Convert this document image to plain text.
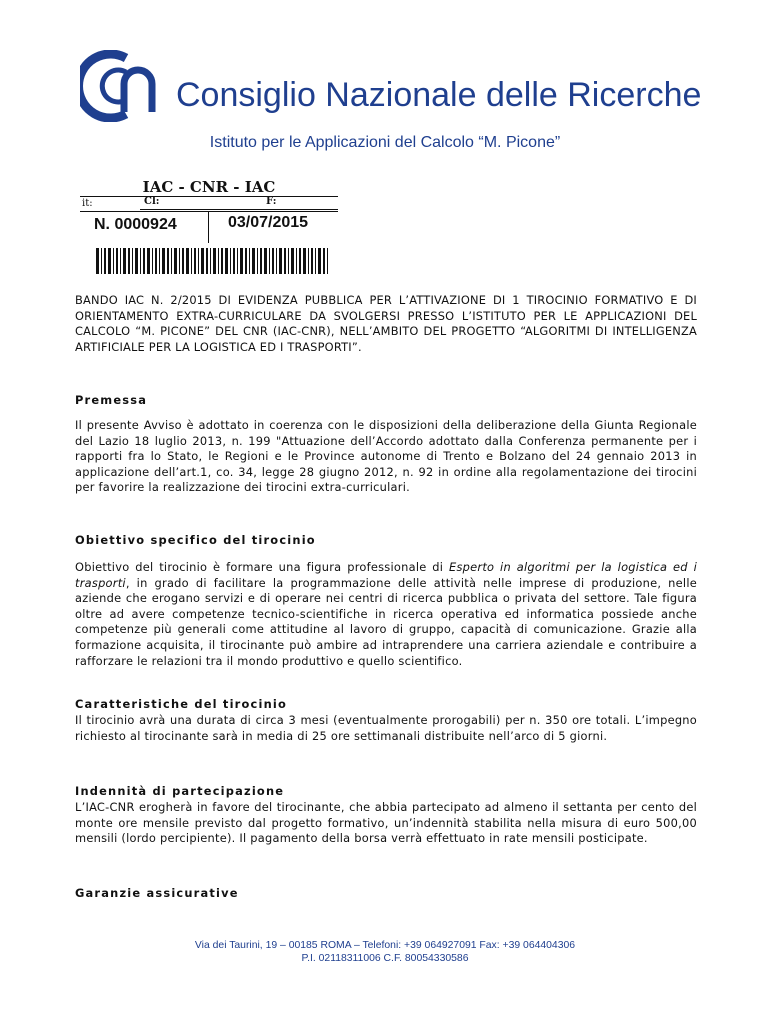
Consiglio Nazionale delle Ricerche
Istituto per le Applicazioni del Calcolo “M. Picone”
IAC - CNR - IAC
it:	Cl:	F:
N. 0000924	03/07/2015
BANDO IAC N. 2/2015 DI EVIDENZA PUBBLICA PER L’ATTIVAZIONE DI 1 TIROCINIO FORMATIVO E DI ORIENTAMENTO EXTRA-CURRICULARE DA SVOLGERSI PRESSO L’ISTITUTO PER LE APPLICAZIONI DEL CALCOLO “M. PICONE” DEL CNR (IAC-CNR), NELL’AMBITO DEL PROGETTO “ALGORITMI DI INTELLIGENZA ARTIFICIALE PER LA LOGISTICA ED I TRASPORTI”.
Premessa
Il presente Avviso è adottato in coerenza con le disposizioni della deliberazione della Giunta Regionale del Lazio 18 luglio 2013, n. 199 "Attuazione dell’Accordo adottato dalla Conferenza permanente per i rapporti fra lo Stato, le Regioni e le Province autonome di Trento e Bolzano del 24 gennaio 2013 in applicazione dell’art.1, co. 34, legge 28 giugno 2012, n. 92 in ordine alla regolamentazione dei tirocini per favorire la realizzazione dei tirocini extra-curriculari.
Obiettivo specifico del tirocinio
Obiettivo del tirocinio è formare una figura professionale di Esperto in algoritmi per la logistica ed i trasporti, in grado di facilitare la programmazione delle attività nelle imprese di produzione, nelle aziende che erogano servizi e di operare nei centri di ricerca pubblica o privata del settore. Tale figura oltre ad avere competenze tecnico-scientifiche in ricerca operativa ed informatica possiede anche competenze più generali come attitudine al lavoro di gruppo, capacità di comunicazione. Grazie alla formazione acquisita, il tirocinante può ambire ad intraprendere una carriera aziendale e contribuire a rafforzare le relazioni tra il mondo produttivo e quello scientifico.
Caratteristiche del tirocinio
Il tirocinio avrà una durata di circa 3 mesi (eventualmente prorogabili) per n. 350 ore totali. L’impegno richiesto al tirocinante sarà in media di 25 ore settimanali distribuite nell’arco di 5 giorni.
Indennità di partecipazione
L’IAC-CNR erogherà in favore del tirocinante, che abbia partecipato ad almeno il settanta per cento del monte ore mensile previsto dal progetto formativo, un’indennità stabilita nella misura di euro 500,00 mensili (lordo percipiente). Il pagamento della borsa verrà effettuato in rate mensili posticipate.
Garanzie assicurative
Via dei Taurini, 19 – 00185 ROMA – Telefoni: +39 064927091 Fax: +39 064404306
P.I. 02118311006 C.F. 80054330586
